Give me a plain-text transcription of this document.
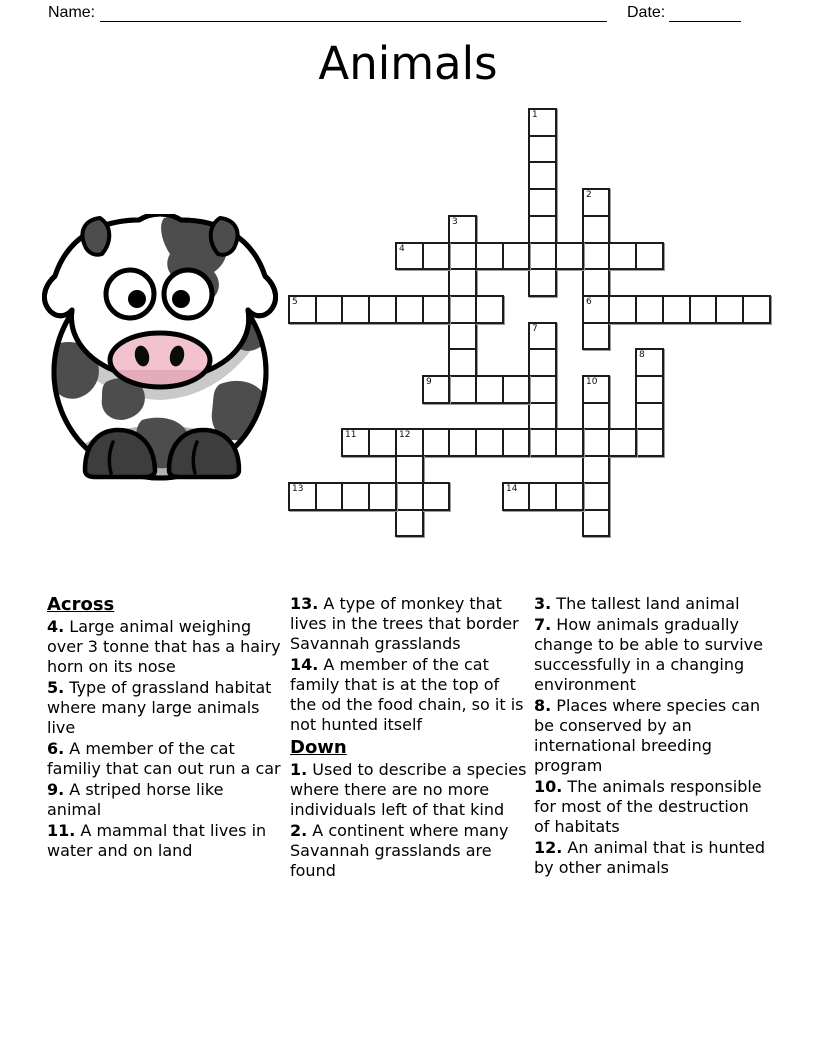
Name:	Date:
Animals
1
2
6
3
4
5
7
8
9	10
11	12
13	14
Across

4. Large animal weighing over 3 tonne that has a hairy horn on its nose

5. Type of grassland habitat where many large animals live

6. A member of the cat familiy that can out run a car

9. A striped horse like animal

11. A mammal that lives in water and on land

13. A type of monkey that lives in the trees that border Savannah grasslands

14. A member of the cat family that is at the top of the od the food chain, so it is not hunted itself

Down

1. Used to describe a species where there are no more individuals left of that kind

2. A continent where many Savannah grasslands are found

3. The tallest land animal

7. How animals gradually change to be able to survive successfully in a changing environment

8. Places where species can be conserved by an international breeding program

10. The animals responsible for most of the destruction of habitats

12. An animal that is hunted by other animals
